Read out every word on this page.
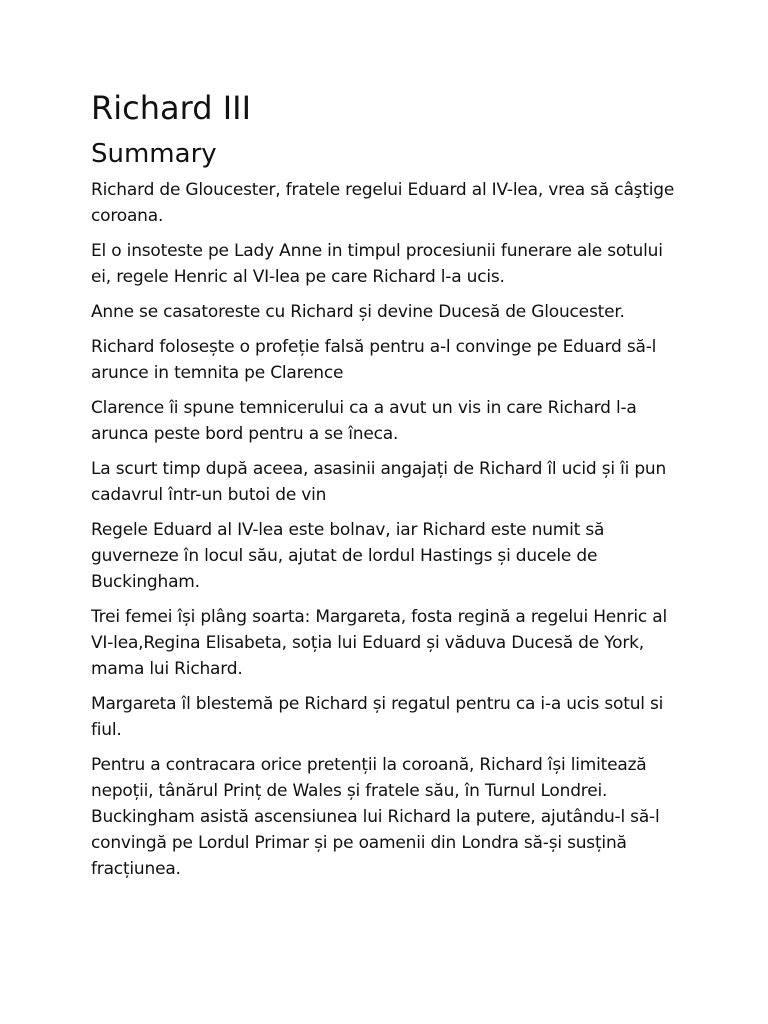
Richard III
Summary

Richard de Gloucester, fratele regelui Eduard al IV-lea, vrea să câştige coroana.

El o insoteste pe Lady Anne in timpul procesiunii funerare ale sotului ei, regele Henric al VI-lea pe care Richard l-a ucis.

Anne se casatoreste cu Richard și devine Ducesă de Gloucester.

Richard folosește o profeție falsă pentru a-l convinge pe Eduard să-l arunce in temnita pe Clarence

Clarence îi spune temnicerului ca a avut un vis in care Richard l-a arunca peste bord pentru a se îneca.

La scurt timp după aceea, asasinii angajați de Richard îl ucid și îi pun cadavrul într-un butoi de vin

Regele Eduard al IV-lea este bolnav, iar Richard este numit să guverneze în locul său, ajutat de lordul Hastings și ducele de Buckingham.

Trei femei își plâng soarta: Margareta, fosta regină a regelui Henric al VI-lea,Regina Elisabeta, soția lui Eduard și văduva Ducesă de York, mama lui Richard.

Margareta îl blestemă pe Richard și regatul pentru ca i-a ucis sotul si fiul.

Pentru a contracara orice pretenții la coroană, Richard își limitează nepoții, tânărul Prinț de Wales și fratele său, în Turnul Londrei.

Buckingham asistă ascensiunea lui Richard la putere, ajutându-l să-l convingă pe Lordul Primar și pe oamenii din Londra să-și susțină fracțiunea.
